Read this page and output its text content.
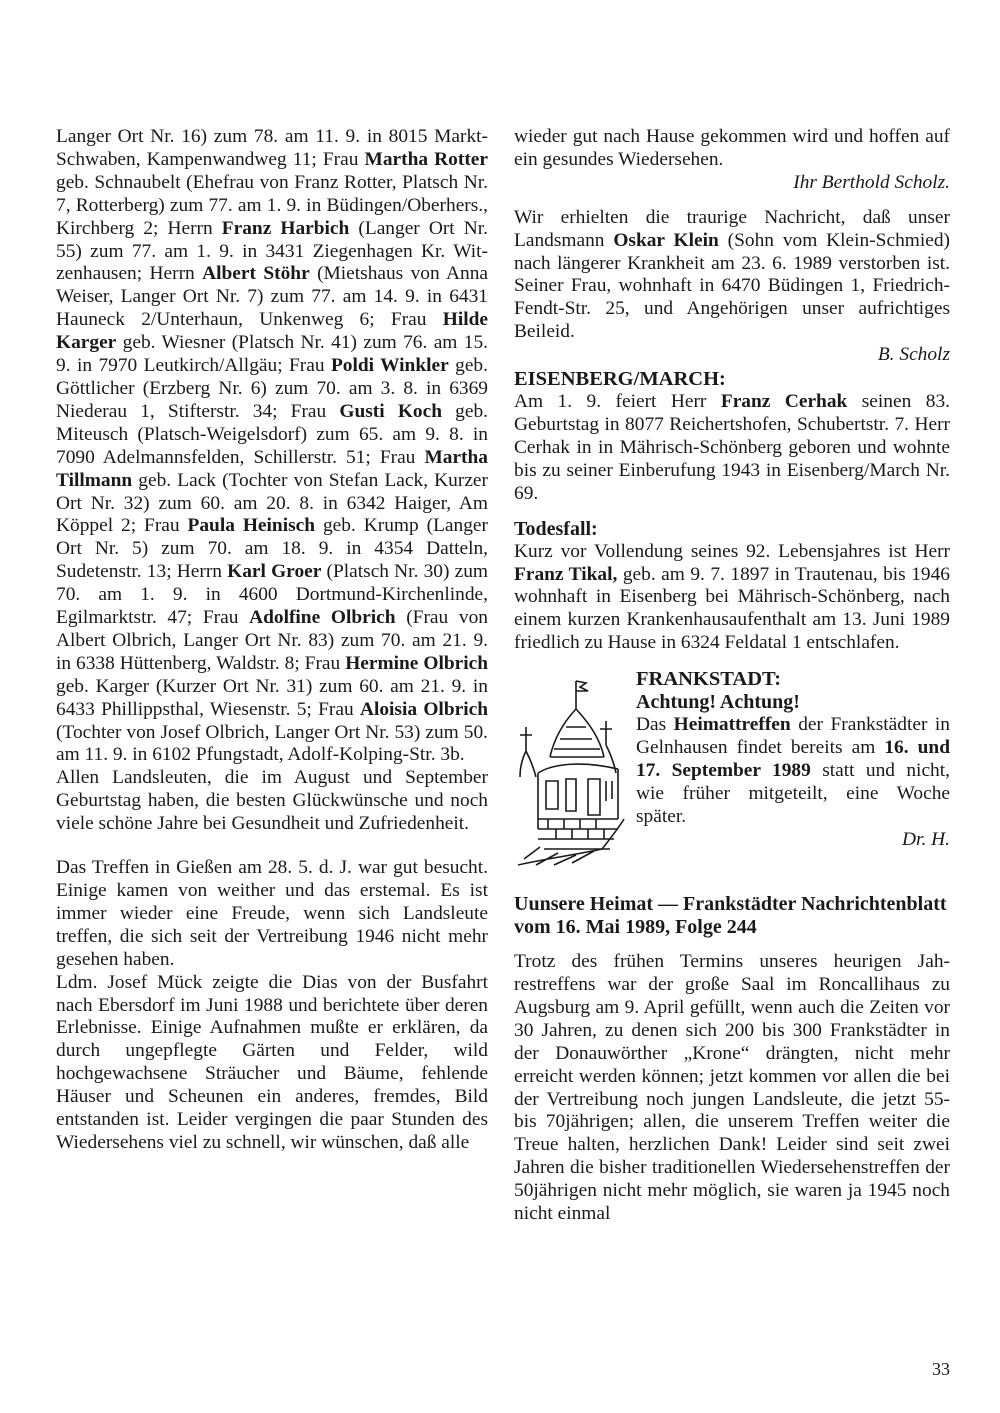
Langer Ort Nr. 16) zum 78. am 11. 9. in 8015 Markt-Schwaben, Kampenwandweg 11; Frau Martha Rotter geb. Schnaubelt (Ehefrau von Franz Rotter, Platsch Nr. 7, Rotterberg) zum 77. am 1. 9. in Büdingen/Oberhers., Kirchberg 2; Herrn Franz Harbich (Langer Ort Nr. 55) zum 77. am 1. 9. in 3431 Ziegenhagen Kr. Witzenhausen; Herrn Albert Stöhr (Mietshaus von Anna Weiser, Langer Ort Nr. 7) zum 77. am 14. 9. in 6431 Hauneck 2/Unterhaun, Unkenweg 6; Frau Hilde Karger geb. Wiesner (Platsch Nr. 41) zum 76. am 15. 9. in 7970 Leutkirch/Allgäu; Frau Poldi Winkler geb. Göttlicher (Erzberg Nr. 6) zum 70. am 3. 8. in 6369 Niederau 1, Stifterstr. 34; Frau Gusti Koch geb. Miteusch (Platsch-Weigelsdorf) zum 65. am 9. 8. in 7090 Adelmannsfelden, Schillerstr. 51; Frau Martha Tillmann geb. Lack (Tochter von Stefan Lack, Kurzer Ort Nr. 32) zum 60. am 20. 8. in 6342 Haiger, Am Köppel 2; Frau Paula Heinisch geb. Krump (Langer Ort Nr. 5) zum 70. am 18. 9. in 4354 Datteln, Sudetenstr. 13; Herrn Karl Groer (Platsch Nr. 30) zum 70. am 1. 9. in 4600 Dortmund-Kirchenlinde, Egilmarktstr. 47; Frau Adolfine Olbrich (Frau von Albert Olbrich, Langer Ort Nr. 83) zum 70. am 21. 9. in 6338 Hüttenberg, Waldstr. 8; Frau Hermine Olbrich geb. Karger (Kurzer Ort Nr. 31) zum 60. am 21. 9. in 6433 Phillippsthal, Wiesenstr. 5; Frau Aloisia Olbrich (Tochter von Josef Olbrich, Langer Ort Nr. 53) zum 50. am 11. 9. in 6102 Pfungstadt, Adolf-Kolping-Str. 3b.

Allen Landsleuten, die im August und September Geburtstag haben, die besten Glückwünsche und noch viele schöne Jahre bei Gesundheit und Zufriedenheit.

Das Treffen in Gießen am 28. 5. d. J. war gut besucht. Einige kamen von weither und das erstemal. Es ist immer wieder eine Freude, wenn sich Landsleute treffen, die sich seit der Vertreibung 1946 nicht mehr gesehen haben.

Ldm. Josef Mück zeigte die Dias von der Busfahrt nach Ebersdorf im Juni 1988 und berichtete über deren Erlebnisse. Einige Aufnahmen mußte er erklären, da durch ungepflegte Gärten und Felder, wild hochgewachsene Sträucher und Bäume, fehlende Häuser und Scheunen ein anderes, fremdes, Bild entstanden ist. Leider vergingen die paar Stunden des Wiedersehens viel zu schnell, wir wünschen, daß alle

wieder gut nach Hause gekommen wird und hoffen auf ein gesundes Wiedersehen.

Ihr Berthold Scholz.

Wir erhielten die traurige Nachricht, daß unser Landsmann Oskar Klein (Sohn vom Klein-Schmied) nach längerer Krankheit am 23. 6. 1989 verstorben ist. Seiner Frau, wohnhaft in 6470 Büdingen 1, Friedrich-Fendt-Str. 25, und Angehörigen unser aufrichtiges Beileid.

B. Scholz

EISENBERG/MARCH:

Am 1. 9. feiert Herr Franz Cerhak seinen 83. Geburtstag in 8077 Reichertshofen, Schubertstr. 7. Herr Cerhak in in Mährisch-Schönberg geboren und wohnte bis zu seiner Einberufung 1943 in Eisenberg/March Nr. 69.

Todesfall:

Kurz vor Vollendung seines 92. Lebensjahres ist Herr Franz Tikal, geb. am 9. 7. 1897 in Trautenau, bis 1946 wohnhaft in Eisenberg bei Mährisch-Schönberg, nach einem kurzen Krankenhausaufenthalt am 13. Juni 1989 friedlich zu Hause in 6324 Feldatal 1 entschlafen.

FRANKSTADT:

Achtung! Achtung!

Das Heimattreffen der Frankstädter in Gelnhausen findet bereits am 16. und 17. September 1989 statt und nicht, wie früher mitgeteilt, eine Woche später.

Dr. H.

Uunsere Heimat — Frankstädter Nachrichtenblatt vom 16. Mai 1989, Folge 244

Trotz des frühen Termins unseres heurigen Jahrestreffens war der große Saal im Roncallihaus zu Augsburg am 9. April gefüllt, wenn auch die Zeiten vor 30 Jahren, zu denen sich 200 bis 300 Frankstädter in der Donauwörther „Krone“ drängten, nicht mehr erreicht werden können; jetzt kommen vor allen die bei der Vertreibung noch jungen Landsleute, die jetzt 55- bis 70jährigen; allen, die unserem Treffen weiter die Treue halten, herzlichen Dank! Leider sind seit zwei Jahren die bisher traditionellen Wiedersehenstreffen der 50jährigen nicht mehr möglich, sie waren ja 1945 noch nicht einmal

33
